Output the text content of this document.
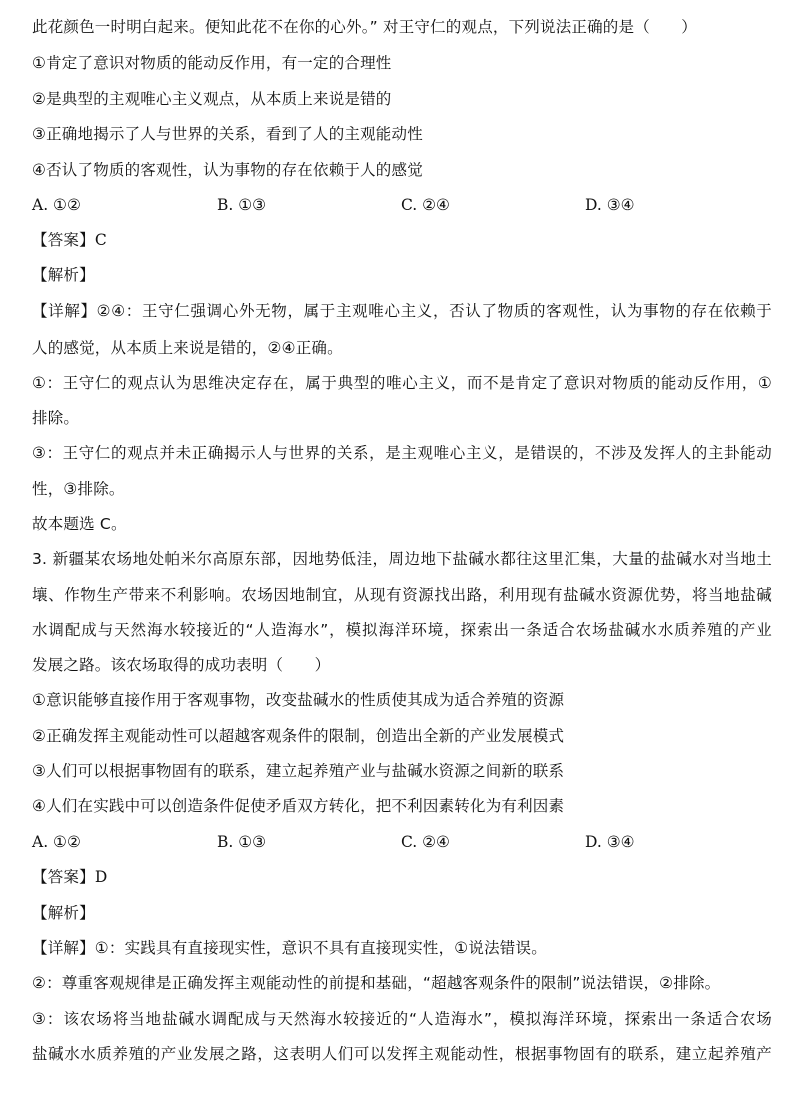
此花颜色一时明白起来。便知此花不在你的心外。” 对王守仁的观点，下列说法正确的是（　　）
①肯定了意识对物质的能动反作用，有一定的合理性
②是典型的主观唯心主义观点，从本质上来说是错的
③正确地揭示了人与世界的关系，看到了人的主观能动性
④否认了物质的客观性，认为事物的存在依赖于人的感觉
A. ①②	B. ①③	C. ②④	D. ③④
【答案】C
【解析】
【详解】②④：王守仁强调心外无物，属于主观唯心主义，否认了物质的客观性，认为事物的存在依赖于
人的感觉，从本质上来说是错的，②④正确。
①：王守仁的观点认为思维决定存在，属于典型的唯心主义，而不是肯定了意识对物质的能动反作用，①
排除。
③：王守仁的观点并未正确揭示人与世界的关系，是主观唯心主义，是错误的，不涉及发挥人的主卦能动
性，③排除。
故本题选 C。
3. 新疆某农场地处帕米尔高原东部，因地势低洼，周边地下盐碱水都往这里汇集，大量的盐碱水对当地土
壤、作物生产带来不利影响。农场因地制宜，从现有资源找出路，利用现有盐碱水资源优势，将当地盐碱
水调配成与天然海水较接近的“人造海水”，模拟海洋环境，探索出一条适合农场盐碱水水质养殖的产业
发展之路。该农场取得的成功表明（　　）
①意识能够直接作用于客观事物，改变盐碱水的性质使其成为适合养殖的资源
②正确发挥主观能动性可以超越客观条件的限制，创造出全新的产业发展模式
③人们可以根据事物固有的联系，建立起养殖产业与盐碱水资源之间新的联系
④人们在实践中可以创造条件促使矛盾双方转化，把不利因素转化为有利因素
A. ①②	B. ①③	C. ②④	D. ③④
【答案】D
【解析】
【详解】①：实践具有直接现实性，意识不具有直接现实性，①说法错误。
②：尊重客观规律是正确发挥主观能动性的前提和基础，“超越客观条件的限制”说法错误，②排除。
③：该农场将当地盐碱水调配成与天然海水较接近的“人造海水”，模拟海洋环境，探索出一条适合农场
盐碱水水质养殖的产业发展之路，这表明人们可以发挥主观能动性，根据事物固有的联系，建立起养殖产
